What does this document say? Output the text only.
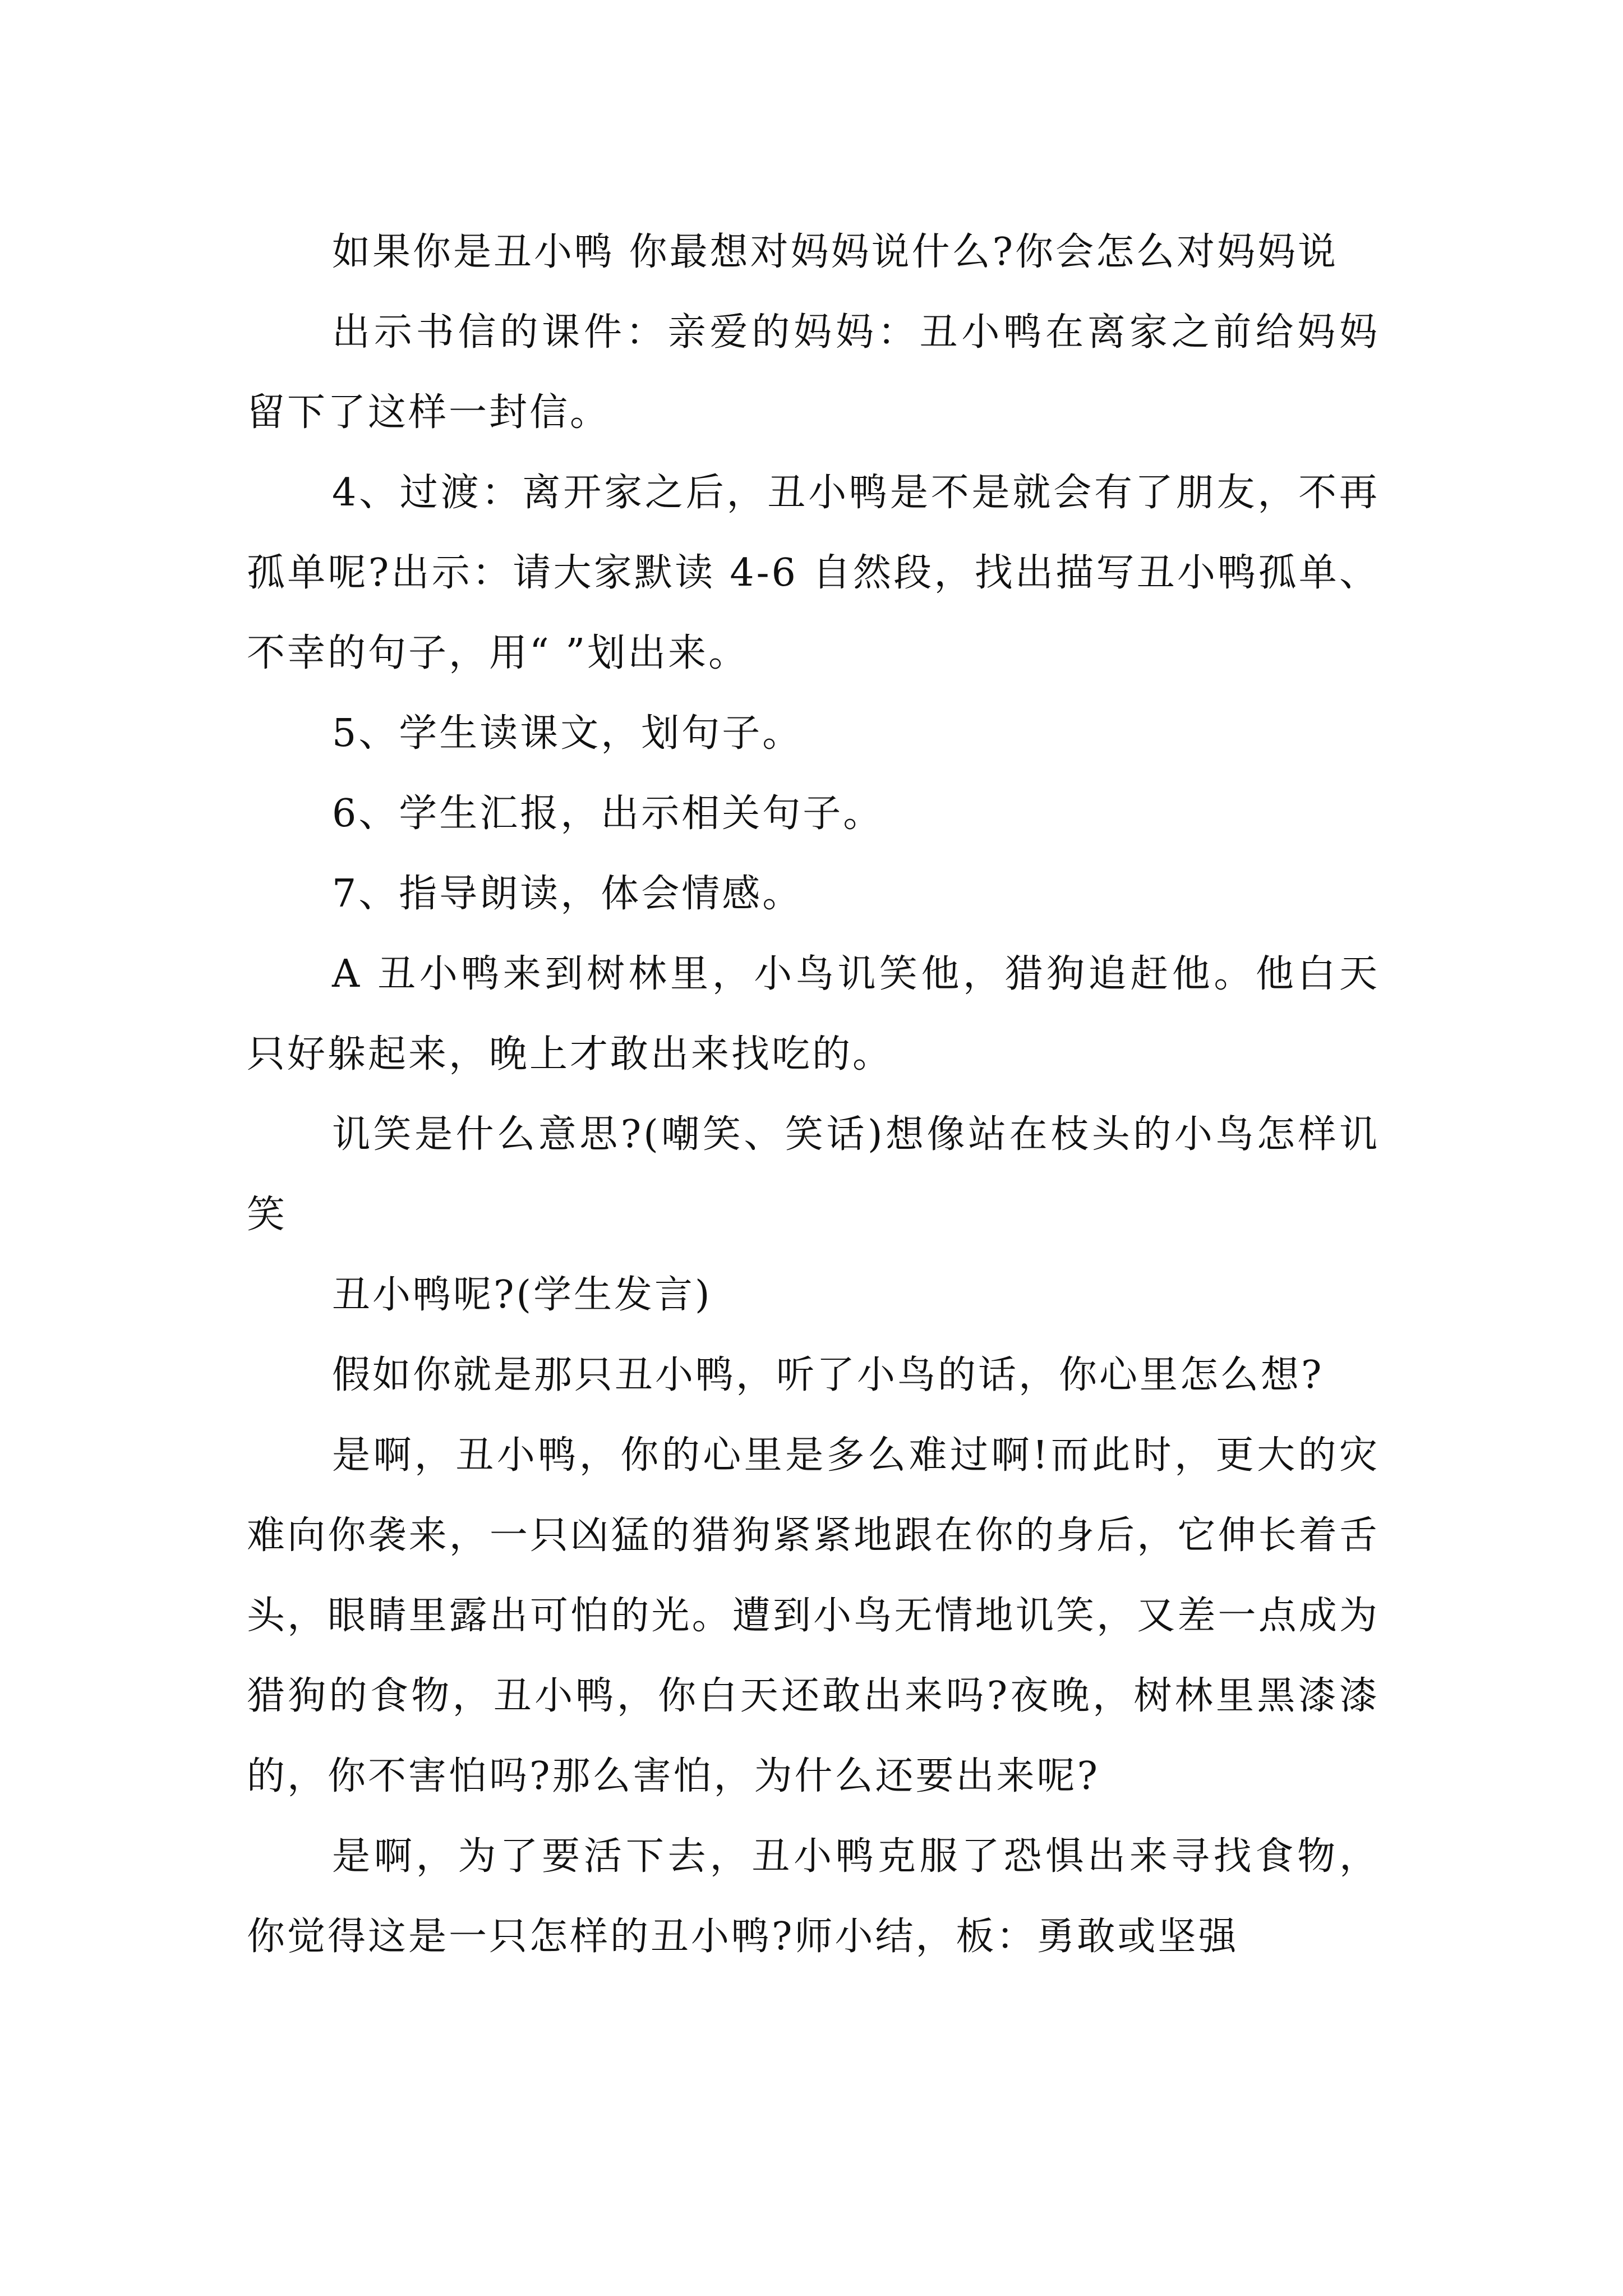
如果你是丑小鸭 你最想对妈妈说什么?你会怎么对妈妈说

出示书信的课件：亲爱的妈妈：丑小鸭在离家之前给妈妈留下了这样一封信。

4、过渡：离开家之后，丑小鸭是不是就会有了朋友，不再孤单呢?出示：请大家默读 4-6 自然段，找出描写丑小鸭孤单、不幸的句子，用“ ”划出来。

5、学生读课文，划句子。

6、学生汇报，出示相关句子。

7、指导朗读，体会情感。

A 丑小鸭来到树林里，小鸟讥笑他，猎狗追赶他。他白天只好躲起来，晚上才敢出来找吃的。

讥笑是什么意思?(嘲笑、笑话)想像站在枝头的小鸟怎样讥笑

丑小鸭呢?(学生发言)

假如你就是那只丑小鸭，听了小鸟的话，你心里怎么想?

是啊，丑小鸭，你的心里是多么难过啊!而此时，更大的灾难向你袭来，一只凶猛的猎狗紧紧地跟在你的身后，它伸长着舌头，眼睛里露出可怕的光。遭到小鸟无情地讥笑，又差一点成为猎狗的食物，丑小鸭，你白天还敢出来吗?夜晚，树林里黑漆漆的，你不害怕吗?那么害怕，为什么还要出来呢?

是啊，为了要活下去，丑小鸭克服了恐惧出来寻找食物，你觉得这是一只怎样的丑小鸭?师小结，板：勇敢或坚强
